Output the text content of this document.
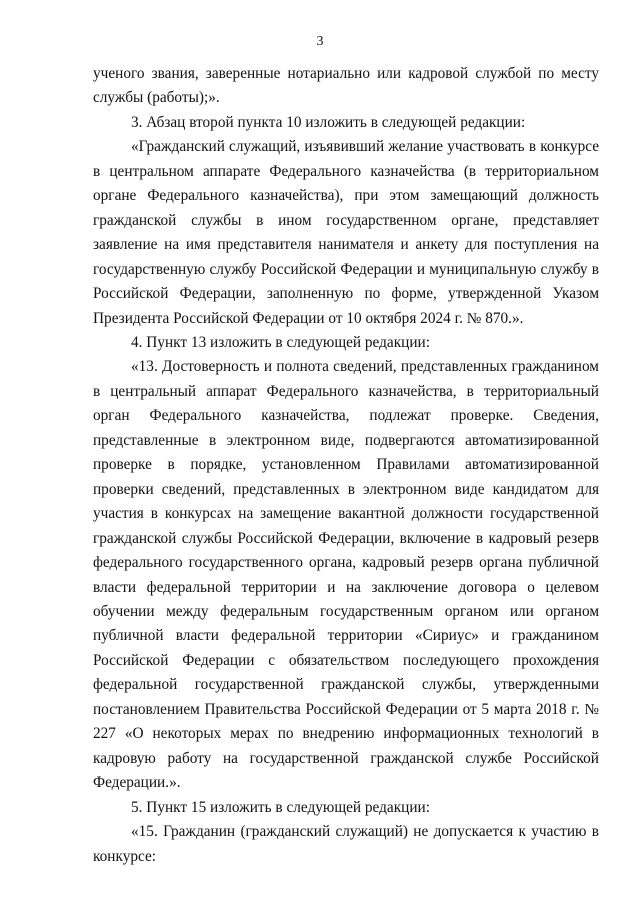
3

ученого звания, заверенные нотариально или кадровой службой по месту службы (работы);».

3. Абзац второй пункта 10 изложить в следующей редакции:

«Гражданский служащий, изъявивший желание участвовать в конкурсе в центральном аппарате Федерального казначейства (в территориальном органе Федерального казначейства), при этом замещающий должность гражданской службы в ином государственном органе, представляет заявление на имя представителя нанимателя и анкету для поступления на государственную службу Российской Федерации и муниципальную службу в Российской Федерации, заполненную по форме, утвержденной Указом Президента Российской Федерации от 10 октября 2024 г. № 870.».

4. Пункт 13 изложить в следующей редакции:

«13. Достоверность и полнота сведений, представленных гражданином в центральный аппарат Федерального казначейства, в территориальный орган Федерального казначейства, подлежат проверке. Сведения, представленные в электронном виде, подвергаются автоматизированной проверке в порядке, установленном Правилами автоматизированной проверки сведений, представленных в электронном виде кандидатом для участия в конкурсах на замещение вакантной должности государственной гражданской службы Российской Федерации, включение в кадровый резерв федерального государственного органа, кадровый резерв органа публичной власти федеральной территории и на заключение договора о целевом обучении между федеральным государственным органом или органом публичной власти федеральной территории «Сириус» и гражданином Российской Федерации с обязательством последующего прохождения федеральной государственной гражданской службы, утвержденными постановлением Правительства Российской Федерации от 5 марта 2018 г. № 227 «О некоторых мерах по внедрению информационных технологий в кадровую работу на государственной гражданской службе Российской Федерации.».

5. Пункт 15 изложить в следующей редакции:

«15. Гражданин (гражданский служащий) не допускается к участию в конкурсе:
